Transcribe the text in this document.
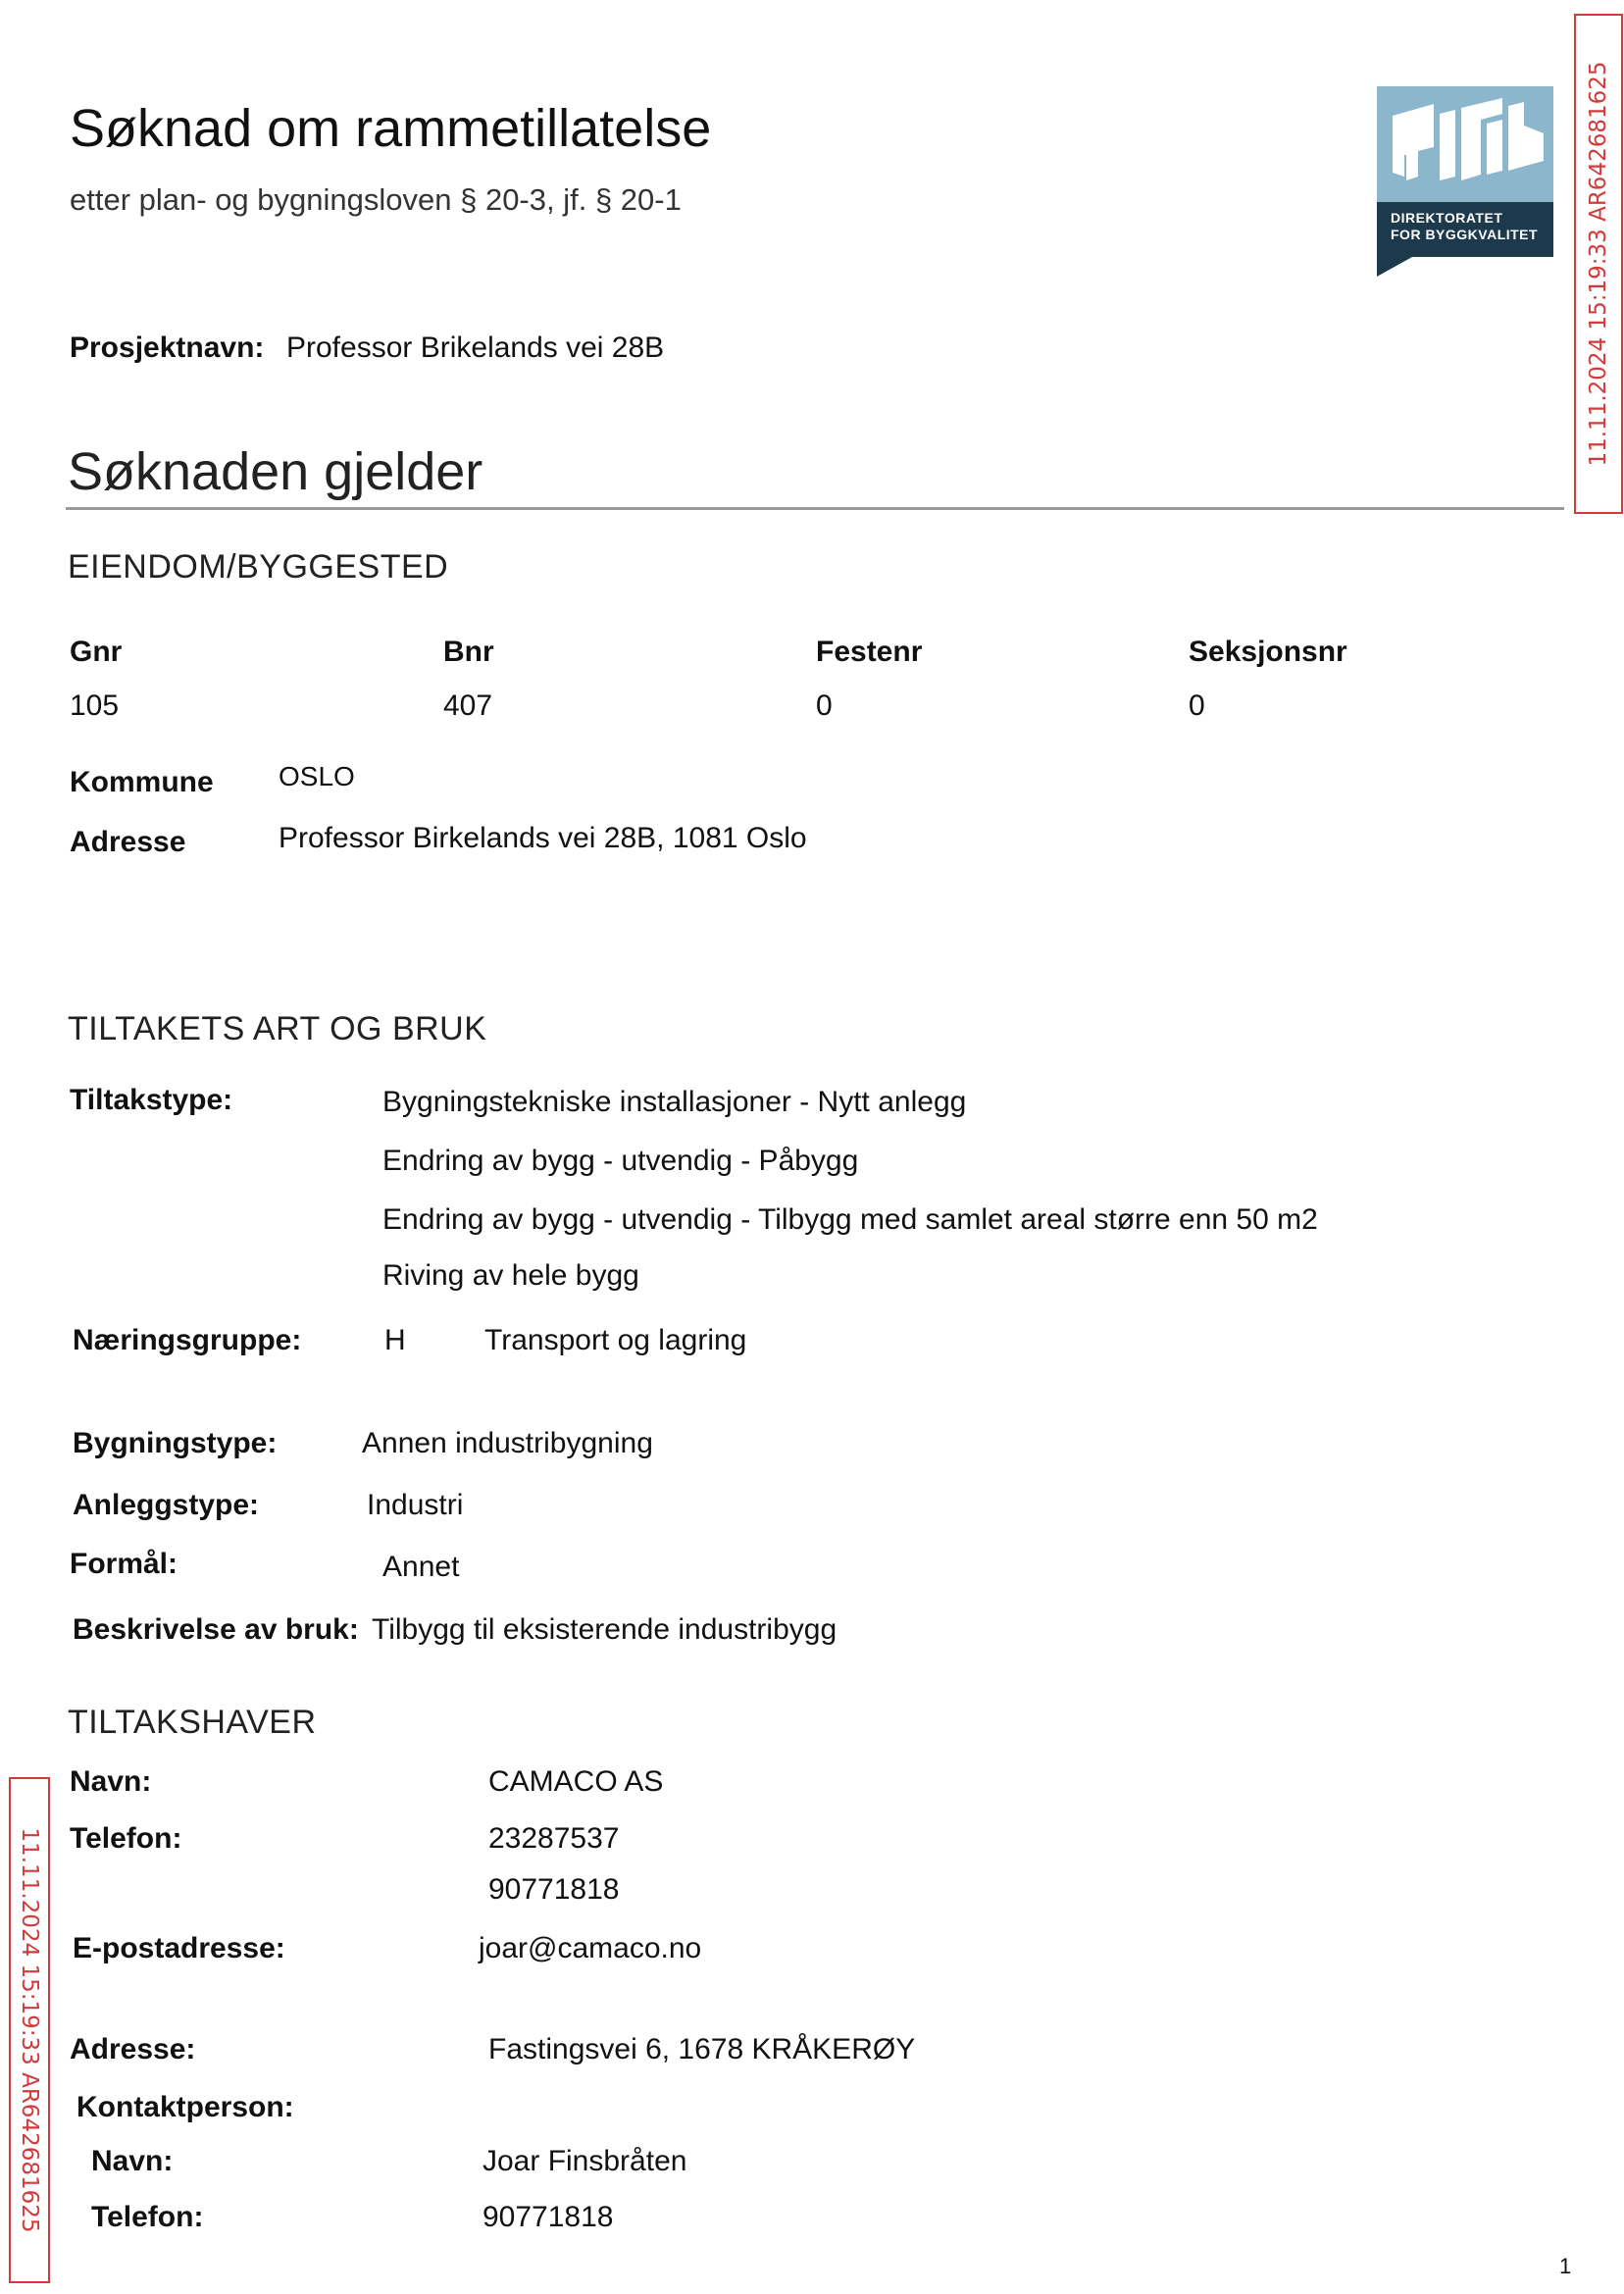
Søknad om rammetillatelse
etter plan- og bygningsloven § 20-3, jf. § 20-1
DIREKTORATET
FOR BYGGKVALITET 11.11.2024 15:19:33 AR642681625
Prosjektnavn: Professor Brikelands vei 28B
Søknaden gjelder
EIENDOM/BYGGESTED
Gnr	Bnr	Festenr	Seksjonsnr
105	407	0	0
Kommune OSLO
Adresse	Professor Birkelands vei 28B, 1081 Oslo
TILTAKETS ART OG BRUK
Tiltakstype:	Bygningstekniske installasjoner - Nytt anlegg
Endring av bygg - utvendig - Påbygg
Endring av bygg - utvendig - Tilbygg med samlet areal større enn 50 m2
Riving av hele bygg
Næringsgruppe:	H	Transport og lagring
Bygningstype:	Annen industribygning
Anleggstype:	Industri
Formål:	Annet
Beskrivelse av bruk: Tilbygg til eksisterende industribygg
TILTAKSHAVER
Navn:	CAMACO AS
Telefon:	23287537
90771818
E-postadresse:	joar@camaco.no
Adresse:	Fastingsvei 6, 1678 KRÅKERØY
Kontaktperson:
Navn:	Joar Finsbråten
Telefon:	90771818
11.11.2024 15:19:33 AR642681625
1
